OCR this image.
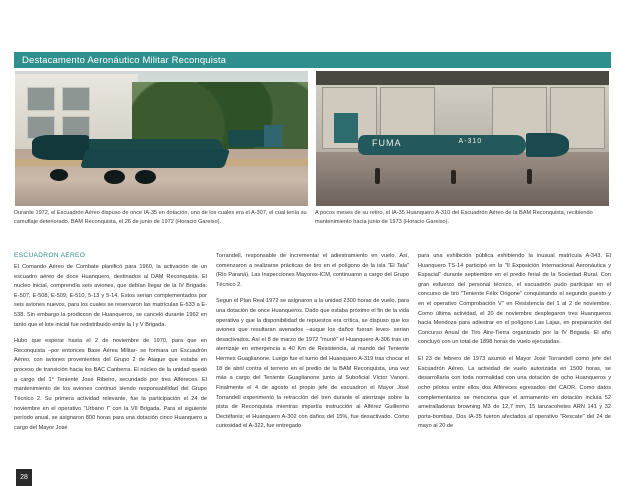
Destacamento Aeronáutico Militar Reconquista
FUMA	A-310
Durante 1972, el Escuadrón Aéreo dispuso de once IA-35 en dotación, uno de los cuales era el A-307, el cual tenía su camuflaje deteriorado. BAM Reconquista, el 26 de junio de 1972 (Horacio Gareiso).
A pocos meses de su retiro, el IA-35 Huanquero A-310 del Escuadrón Aéreo de la BAM Reconquista, recibiendo mantenimiento hacia junio de 1973 (Horacio Gareiso).
ESCUADRON AEREO

El Comando Aéreo de Combate planificó para 1960, la activación de un escuadro aéreo de doce Huanquero, destinados al DAM Reconquista. El nucleo inicial, comprendía seis aviones, que debían llegar de la IV Brigada: E-507, E-508, E-509, E-510, 5-13 y 5-14. Estos serian complementados por seis aviones nuevos, para los cuales se reservaron las matrículas E-533 a E-538. Sin embargo la prodiccon de Huanqueros, se canceló durante 1962 en tanto que el lote inicial fue redistribuido entre la I y V Brigada.

Hubo que esperar hasta el 2 de noviembre de 1970, para que en Reconquista –por entonces Base Aérea Militar- se formara un Escuadrón Aéreo, con aviones provenientes del Grupo 2 de Ataque que estaba en proceso de transición hacia los BAC Canberra. El núcleo de la unidad quedó a cargo del 1° Teniente José Ribeiro, secundado por tres Alféreces. El mantenimiento de los aviones continuó siendo responsabilidad del Grupo Técnico 2. Su primera actividad relevante, fue la participación el 24 de noviembre en el operativo "Urbano I" con la VII Brigada. Para el siguiente período anual, se asignaron 800 horas para una dotación cinco Huanquero a cargo del Mayor José

Torrandell, responsable de incrementar el adiestramiento en vuelo. Así, comenzaron a realizarse prácticas de tiro en el polígono de la isla "El Tala" (Río Paraná). Las Inspecciones Mayores-ICM, continuaron a cargo del Grupo Técnico 2.

Segun el Plan Real 1972 se asignaron a la unidad 2300 horas de vuelo, para una dotación de once Huanqueros. Dado que estaba próximo el fin de la vida operativa y que la disponibilidad de repuestos era crítica, se dispuso que los aviones que resultaran avenados –auque los daños fueran leves- serian desactivados. Así el 8 de marzo de 1972 "murió" el Huanquero A-306 tras un aterrizaje en emergencia a 40 Km de Resistencia, al mando del Teniente Hermes Guaglianone. Luego fue el turno del Huanquero A-319 tras chocar el 18 de abril contra el terreno en el predio de la BAM Reconquista, una vez más a cargo del Teniente Guaglianone junto al Suboficial Víctor Vanoni. Finalmente el 4 de agosto el propio jefe de escuadron el Mayor José Torrandell experimentó la retracción del tren durante el aterrizaje sobre la pista de Reconquista mientras impartía instrucción al Alférez Guillermo Dectéfanis; el Huanquero A-302 con daños del 15%, fue desactivado. Como curiosidad el A-322, fue entregado

para una exhibición pública exhibiendo la inusual matrícula A-343. El Huanquero TS-14 participó en la "II Exposición Internacional Aeronáutica y Espacial" durante septiembre en el predio ferial de la Sociedad Rural. Con gran esfuerzo del personal técnico, el escuadrón pudo participar en el concurso de tiro "Teniente Félix Origone" conquistando el segundo puesto y en el operativo Comprobación V" en Resistencia del 1 al 2 de noviembre. Como última actividad, el 20 de noviembre desplegaron tres Huanqueros hacia Mendoza para adiestrar en el polígono Las Lajas, en preparación del Concurso Anual de Tiro Aire-Tierra organizado por la IV Brigada. El año concluyó con un total de 1898 horas de vuelo ejecutadas.

El 23 de febrero de 1973 asumió el Mayor José Torrandell como jefe del Escuadrón Aéreo. La actividad de vuelo autorizada en 1500 horas, se desarrollaría con toda normalidad con una dotación de ocho Huanqueros y ocho pilotos entre ellos dos Alféreces egresados del CAOR. Como datos complementarios se menciona que el armamento en dotación incluía 52 ametralladoras browning M3 de 12,7 mm, 15 lanzacohetes ARN 141 y 32 porta-bombas. Dos IA-35 fueron afectados al operativo "Rescate" del 24 de mayo al 20 de

28
